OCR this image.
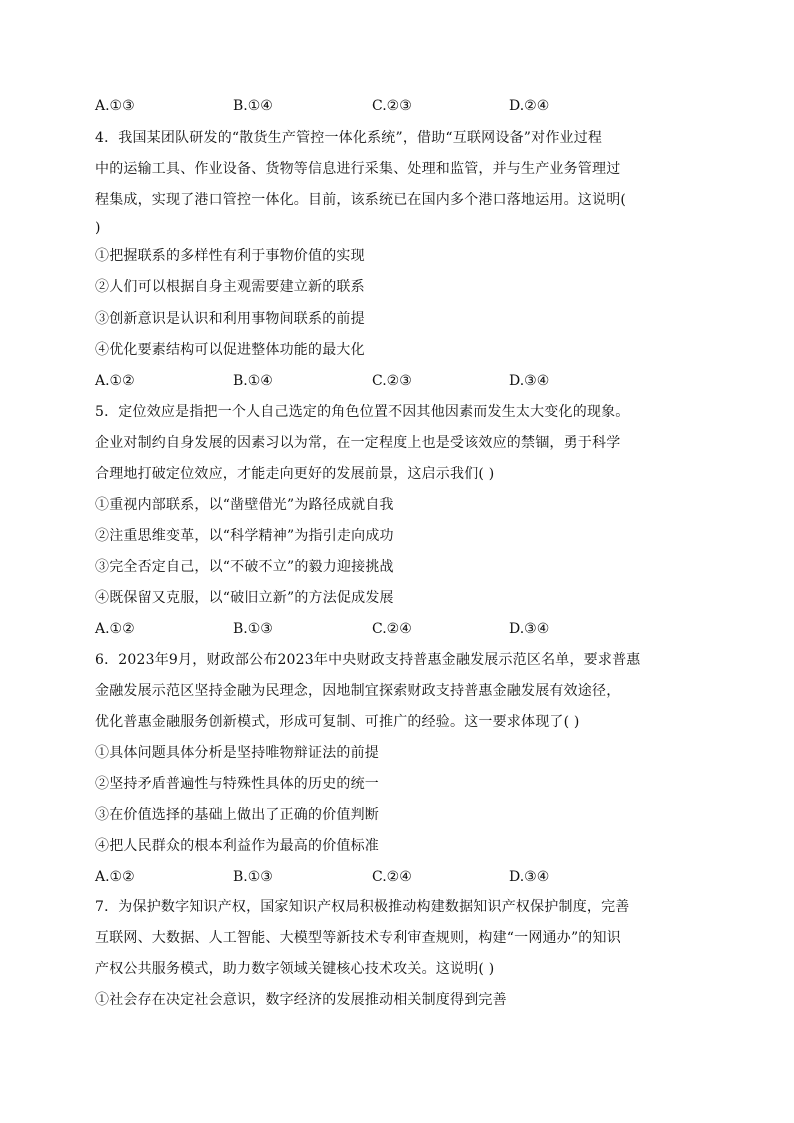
A.①③	B.①④	C.②③	D.②④
4．我国某团队研发的“散货生产管控一体化系统”，借助“互联网设备”对作业过程
中的运输工具、作业设备、货物等信息进行采集、处理和监管，并与生产业务管理过
程集成，实现了港口管控一体化。目前，该系统已在国内多个港口落地运用。这说明(
)
①把握联系的多样性有利于事物价值的实现
②人们可以根据自身主观需要建立新的联系
③创新意识是认识和利用事物间联系的前提
④优化要素结构可以促进整体功能的最大化
A.①②	B.①④	C.②③	D.③④
5．定位效应是指把一个人自己选定的角色位置不因其他因素而发生太大变化的现象。
企业对制约自身发展的因素习以为常，在一定程度上也是受该效应的禁锢，勇于科学
合理地打破定位效应，才能走向更好的发展前景，这启示我们( )
①重视内部联系，以“凿壁借光”为路径成就自我
②注重思维变革，以“科学精神”为指引走向成功
③完全否定自己，以“不破不立”的毅力迎接挑战
④既保留又克服，以“破旧立新”的方法促成发展
A.①②	B.①③	C.②④	D.③④
6．2023年9月，财政部公布2023年中央财政支持普惠金融发展示范区名单，要求普惠
金融发展示范区坚持金融为民理念，因地制宜探索财政支持普惠金融发展有效途径，
优化普惠金融服务创新模式，形成可复制、可推广的经验。这一要求体现了( )
①具体问题具体分析是坚持唯物辩证法的前提
②坚持矛盾普遍性与特殊性具体的历史的统一
③在价值选择的基础上做出了正确的价值判断
④把人民群众的根本利益作为最高的价值标准
A.①②	B.①③	C.②④	D.③④
7．为保护数字知识产权，国家知识产权局积极推动构建数据知识产权保护制度，完善
互联网、大数据、人工智能、大模型等新技术专利审查规则，构建“一网通办”的知识
产权公共服务模式，助力数字领域关键核心技术攻关。这说明( )
①社会存在决定社会意识，数字经济的发展推动相关制度得到完善
